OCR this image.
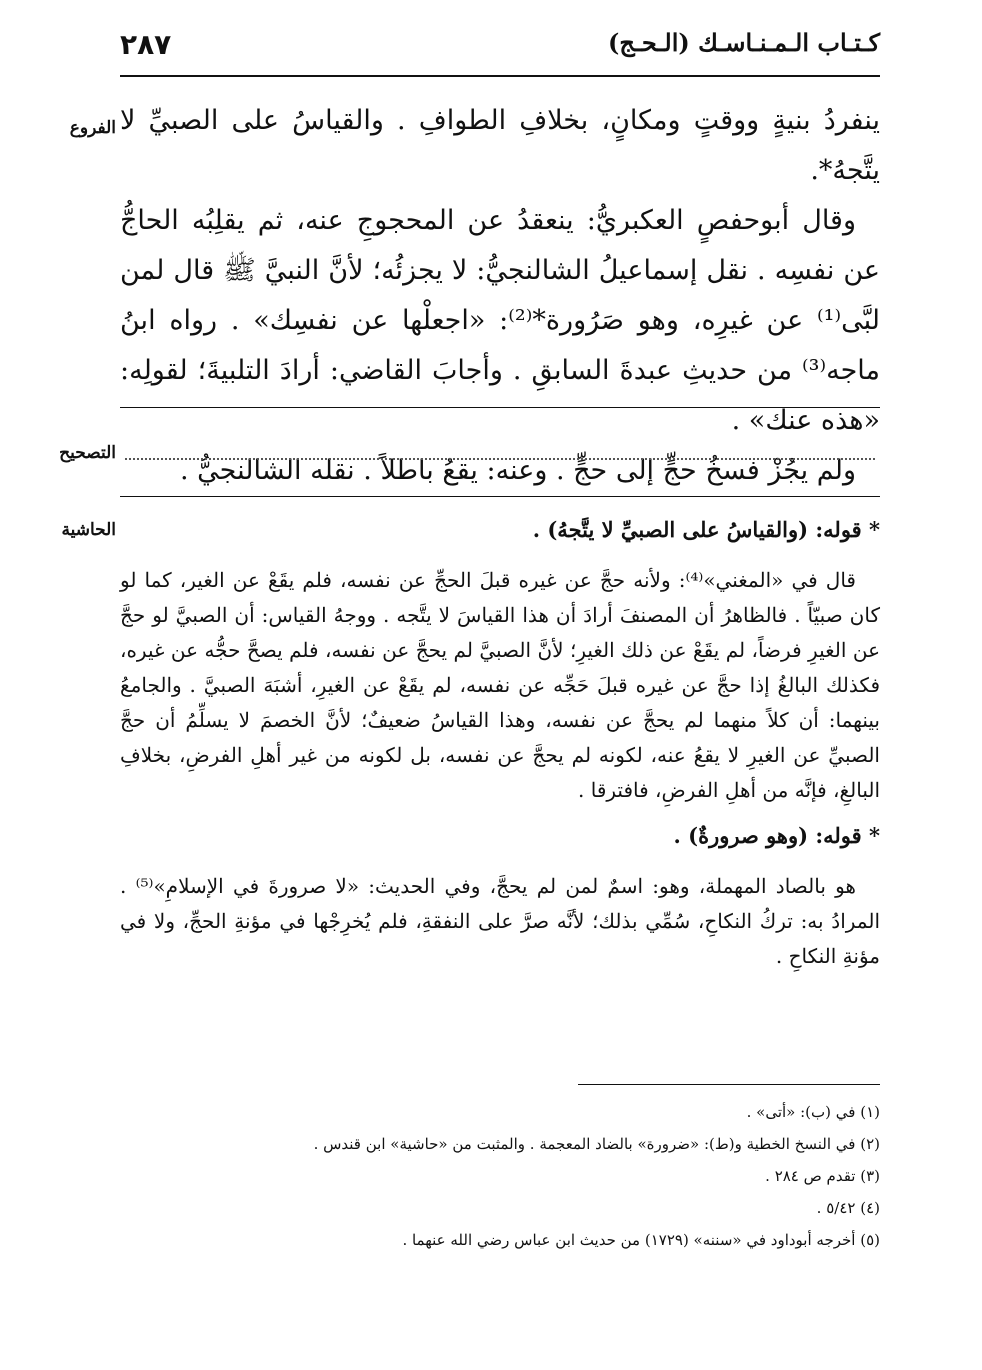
كـتـاب الـمـنـاسـك (الـحـج)
٢٨٧
الفروع
التصحيح
الحاشية

ينفردُ بنيةٍ ووقتٍ ومكانٍ، بخلافِ الطوافِ . والقياسُ على الصبيِّ لا يتَّجهُ*.

وقال أبوحفصٍ العكبريُّ: ينعقدُ عن المحجوجِ عنه، ثم يقلِبُه الحاجُّ عن نفسِه . نقل إسماعيلُ الشالنجيُّ: لا يجزئُه؛ لأنَّ النبيَّ ﷺ قال لمن لبَّى⁽¹⁾ عن غيرِه، وهو صَرُورة*⁽²⁾: «اجعلْها عن نفسِك» . رواه ابنُ ماجه⁽³⁾ من حديثِ عبدةَ السابقِ . وأجابَ القاضي: أرادَ التلبيةَ؛ لقولِه: «هذه عنك» .

ولم يجُزْ فسخُ حجٍّ إلى حجٍّ . وعنه: يقعُ باطلاً . نقله الشالنجيُّ .

* قوله: (والقياسُ على الصبيِّ لا يتَّجهُ) .

قال في «المغني»⁽⁴⁾: ولأنه حجَّ عن غيره قبلَ الحجِّ عن نفسه، فلم يقَعْ عن الغير، كما لو كان صبيّاً . فالظاهرُ أن المصنفَ أرادَ أن هذا القياسَ لا يتَّجه . ووجهُ القياس: أن الصبيَّ لو حجَّ عن الغيرِ فرضاً، لم يقَعْ عن ذلك الغيرِ؛ لأنَّ الصبيَّ لم يحجَّ عن نفسه، فلم يصحَّ حجُّه عن غيره، فكذلك البالغُ إذا حجَّ عن غيره قبلَ حَجِّه عن نفسه، لم يقَعْ عن الغيرِ، أشبَهَ الصبيَّ . والجامعُ بينهما: أن كلاً منهما لم يحجَّ عن نفسه، وهذا القياسُ ضعيفٌ؛ لأنَّ الخصمَ لا يسلِّمُ أن حجَّ الصبيِّ عن الغيرِ لا يقعُ عنه، لكونه لم يحجَّ عن نفسه، بل لكونه من غير أهلِ الفرضِ، بخلافِ البالغِ، فإنَّه من أهلِ الفرضِ، فافترقا .

* قوله: (وهو صرورةٌ) .

هو بالصاد المهملة، وهو: اسمٌ لمن لم يحجَّ، وفي الحديث: «لا صرورةَ في الإسلامِ»⁽⁵⁾ . المرادُ به: تركُ النكاحِ، سُمِّي بذلك؛ لأنَّه صرَّ على النفقةِ، فلم يُخرِجْها في مؤنةِ الحجِّ، ولا في مؤنةِ النكاحِ .

(١) في (ب): «أتى» .
(٢) في النسخ الخطية و(ط): «ضرورة» بالضاد المعجمة . والمثبت من «حاشية» ابن قندس .
(٣) تقدم ص ٢٨٤ .
(٤) ٥/٤٢ .
(٥) أخرجه أبوداود في «سننه» (١٧٢٩) من حديث ابن عباس رضي الله عنهما .
